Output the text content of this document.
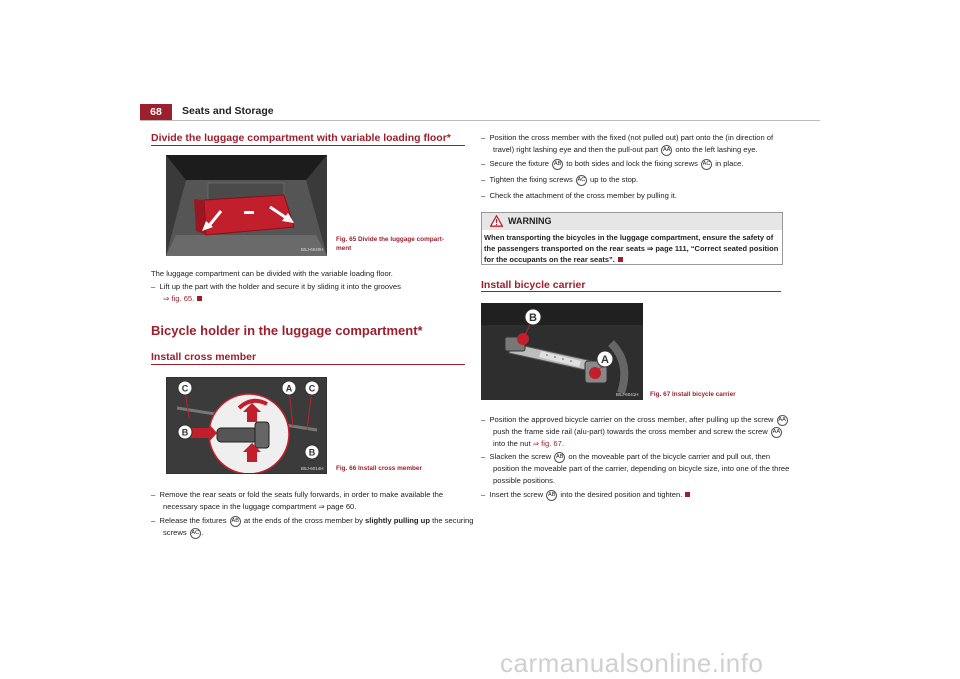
68	Seats and Storage
Divide the luggage compartment with variable loading floor*
B5J-6040H
Fig. 65 Divide the luggage compart-ment
The luggage compartment can be divided with the variable loading floor.
– Lift up the part with the holder and secure it by sliding it into the grooves
⇒ fig. 65.
Bicycle holder in the luggage compartment*
Install cross member
C	A C
B
B
B5J-6014H Fig. 66 Install cross member
– Remove the rear seats or fold the seats fully forwards, in order to make available the necessary space in the luggage compartment ⇒ page 60.
– Release the fixtures AB at the ends of the cross member by slightly pulling up the securing screws AC .
– Position the cross member with the fixed (not pulled out) part onto the (in direction of travel) right lashing eye and then the pull-out part AA onto the left lashing eye.
– Secure the fixture AB to both sides and lock the fixing screws AC in place.
– Tighten the fixing screws AC up to the stop.
– Check the attachment of the cross member by pulling it.
WARNING
When transporting the bicycles in the luggage compartment, ensure the safety of the passengers transported on the rear seats ⇒ page 111, “Correct seated position for the occupants on the rear seats”.
Install bicycle carrier
B
A
B5J-6041H Fig. 67 Install bicycle carrier
– Position the approved bicycle carrier on the cross member, after pulling up the screw AA push the frame side rail (alu-part) towards the cross member and screw the screw AA into the nut ⇒ fig. 67.
– Slacken the screw AB on the moveable part of the bicycle carrier and pull out, then position the moveable part of the carrier, depending on bicycle size, into one of the three possible positions.
– Insert the screw AB into the desired position and tighten.
carmanualsonline.info
